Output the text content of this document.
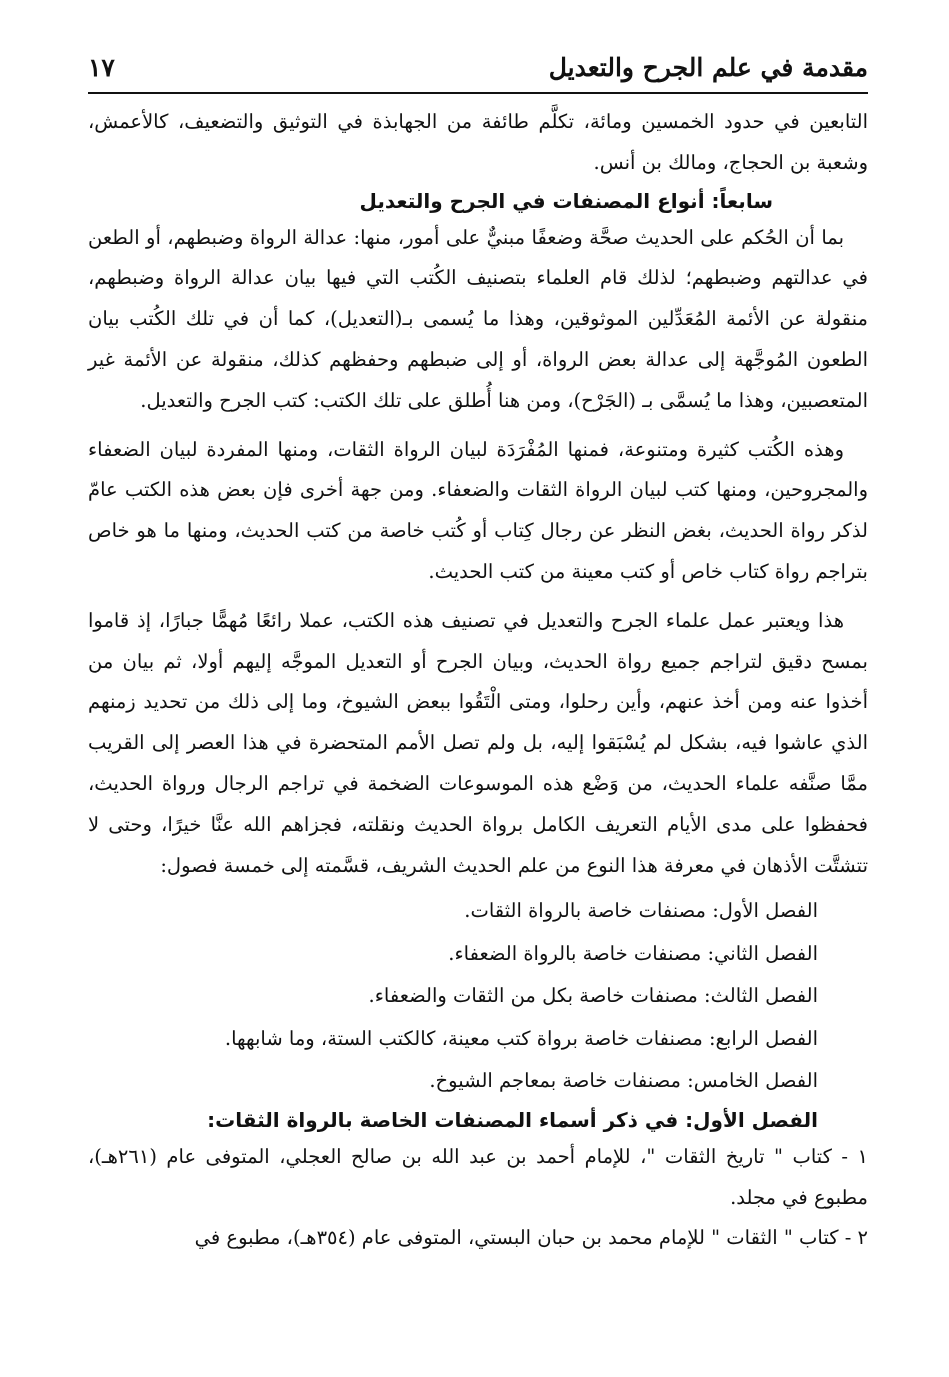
مقدمة في علم الجرح والتعديل
١٧

التابعين في حدود الخمسين ومائة، تكلَّم طائفة من الجهابذة في التوثيق والتضعيف، كالأعمش، وشعبة بن الحجاج، ومالك بن أنس.

سابعاً: أنواع المصنفات في الجرح والتعديل

بما أن الحُكم على الحديث صحَّة وضعفًا مبنيٌّ على أمور، منها: عدالة الرواة وضبطهم، أو الطعن في عدالتهم وضبطهم؛ لذلك قام العلماء بتصنيف الكُتب التي فيها بيان عدالة الرواة وضبطهم، منقولة عن الأئمة المُعَدِّلين الموثوقين، وهذا ما يُسمى بـ(التعديل)، كما أن في تلك الكُتب بيان الطعون المُوجَّهة إلى عدالة بعض الرواة، أو إلى ضبطهم وحفظهم كذلك، منقولة عن الأئمة غير المتعصبين، وهذا ما يُسمَّى بـ (الجَرْح)، ومن هنا أُطلق على تلك الكتب: كتب الجرح والتعديل.

وهذه الكُتب كثيرة ومتنوعة، فمنها المُفْرَدَة لبيان الرواة الثقات، ومنها المفردة لبيان الضعفاء والمجروحين، ومنها كتب لبيان الرواة الثقات والضعفاء. ومن جهة أخرى فإن بعض هذه الكتب عامّ لذكر رواة الحديث، بغض النظر عن رجال كِتاب أو كُتب خاصة من كتب الحديث، ومنها ما هو خاص بتراجم رواة كتاب خاص أو كتب معينة من كتب الحديث.

هذا ويعتبر عمل علماء الجرح والتعديل في تصنيف هذه الكتب، عملا رائعًا مُهمًّا جبارًا، إذ قاموا بمسح دقيق لتراجم جميع رواة الحديث، وبيان الجرح أو التعديل الموجَّه إليهم أولا، ثم بيان من أخذوا عنه ومن أخذ عنهم، وأين رحلوا، ومتى الْتَقُوا ببعض الشيوخ، وما إلى ذلك من تحديد زمنهم الذي عاشوا فيه، بشكل لم يُسْبَقوا إليه، بل ولم تصل الأمم المتحضرة في هذا العصر إلى القريب ممَّا صنَّفه علماء الحديث، من وَضْع هذه الموسوعات الضخمة في تراجم الرجال ورواة الحديث، فحفظوا على مدى الأيام التعريف الكامل برواة الحديث ونقلته، فجزاهم الله عنَّا خيرًا، وحتى لا تتشتَّت الأذهان في معرفة هذا النوع من علم الحديث الشريف، قسَّمته إلى خمسة فصول:

الفصل الأول: مصنفات خاصة بالرواة الثقات.

الفصل الثاني: مصنفات خاصة بالرواة الضعفاء.

الفصل الثالث: مصنفات خاصة بكل من الثقات والضعفاء.

الفصل الرابع: مصنفات خاصة برواة كتب معينة، كالكتب الستة، وما شابهها.

الفصل الخامس: مصنفات خاصة بمعاجم الشيوخ.

الفصل الأول: في ذكر أسماء المصنفات الخاصة بالرواة الثقات:

١ - كتاب " تاريخ الثقات "، للإمام أحمد بن عبد الله بن صالح العجلي، المتوفى عام (٢٦١هـ)، مطبوع في مجلد.

٢ - كتاب " الثقات " للإمام محمد بن حبان البستي، المتوفى عام (٣٥٤هـ)، مطبوع في
